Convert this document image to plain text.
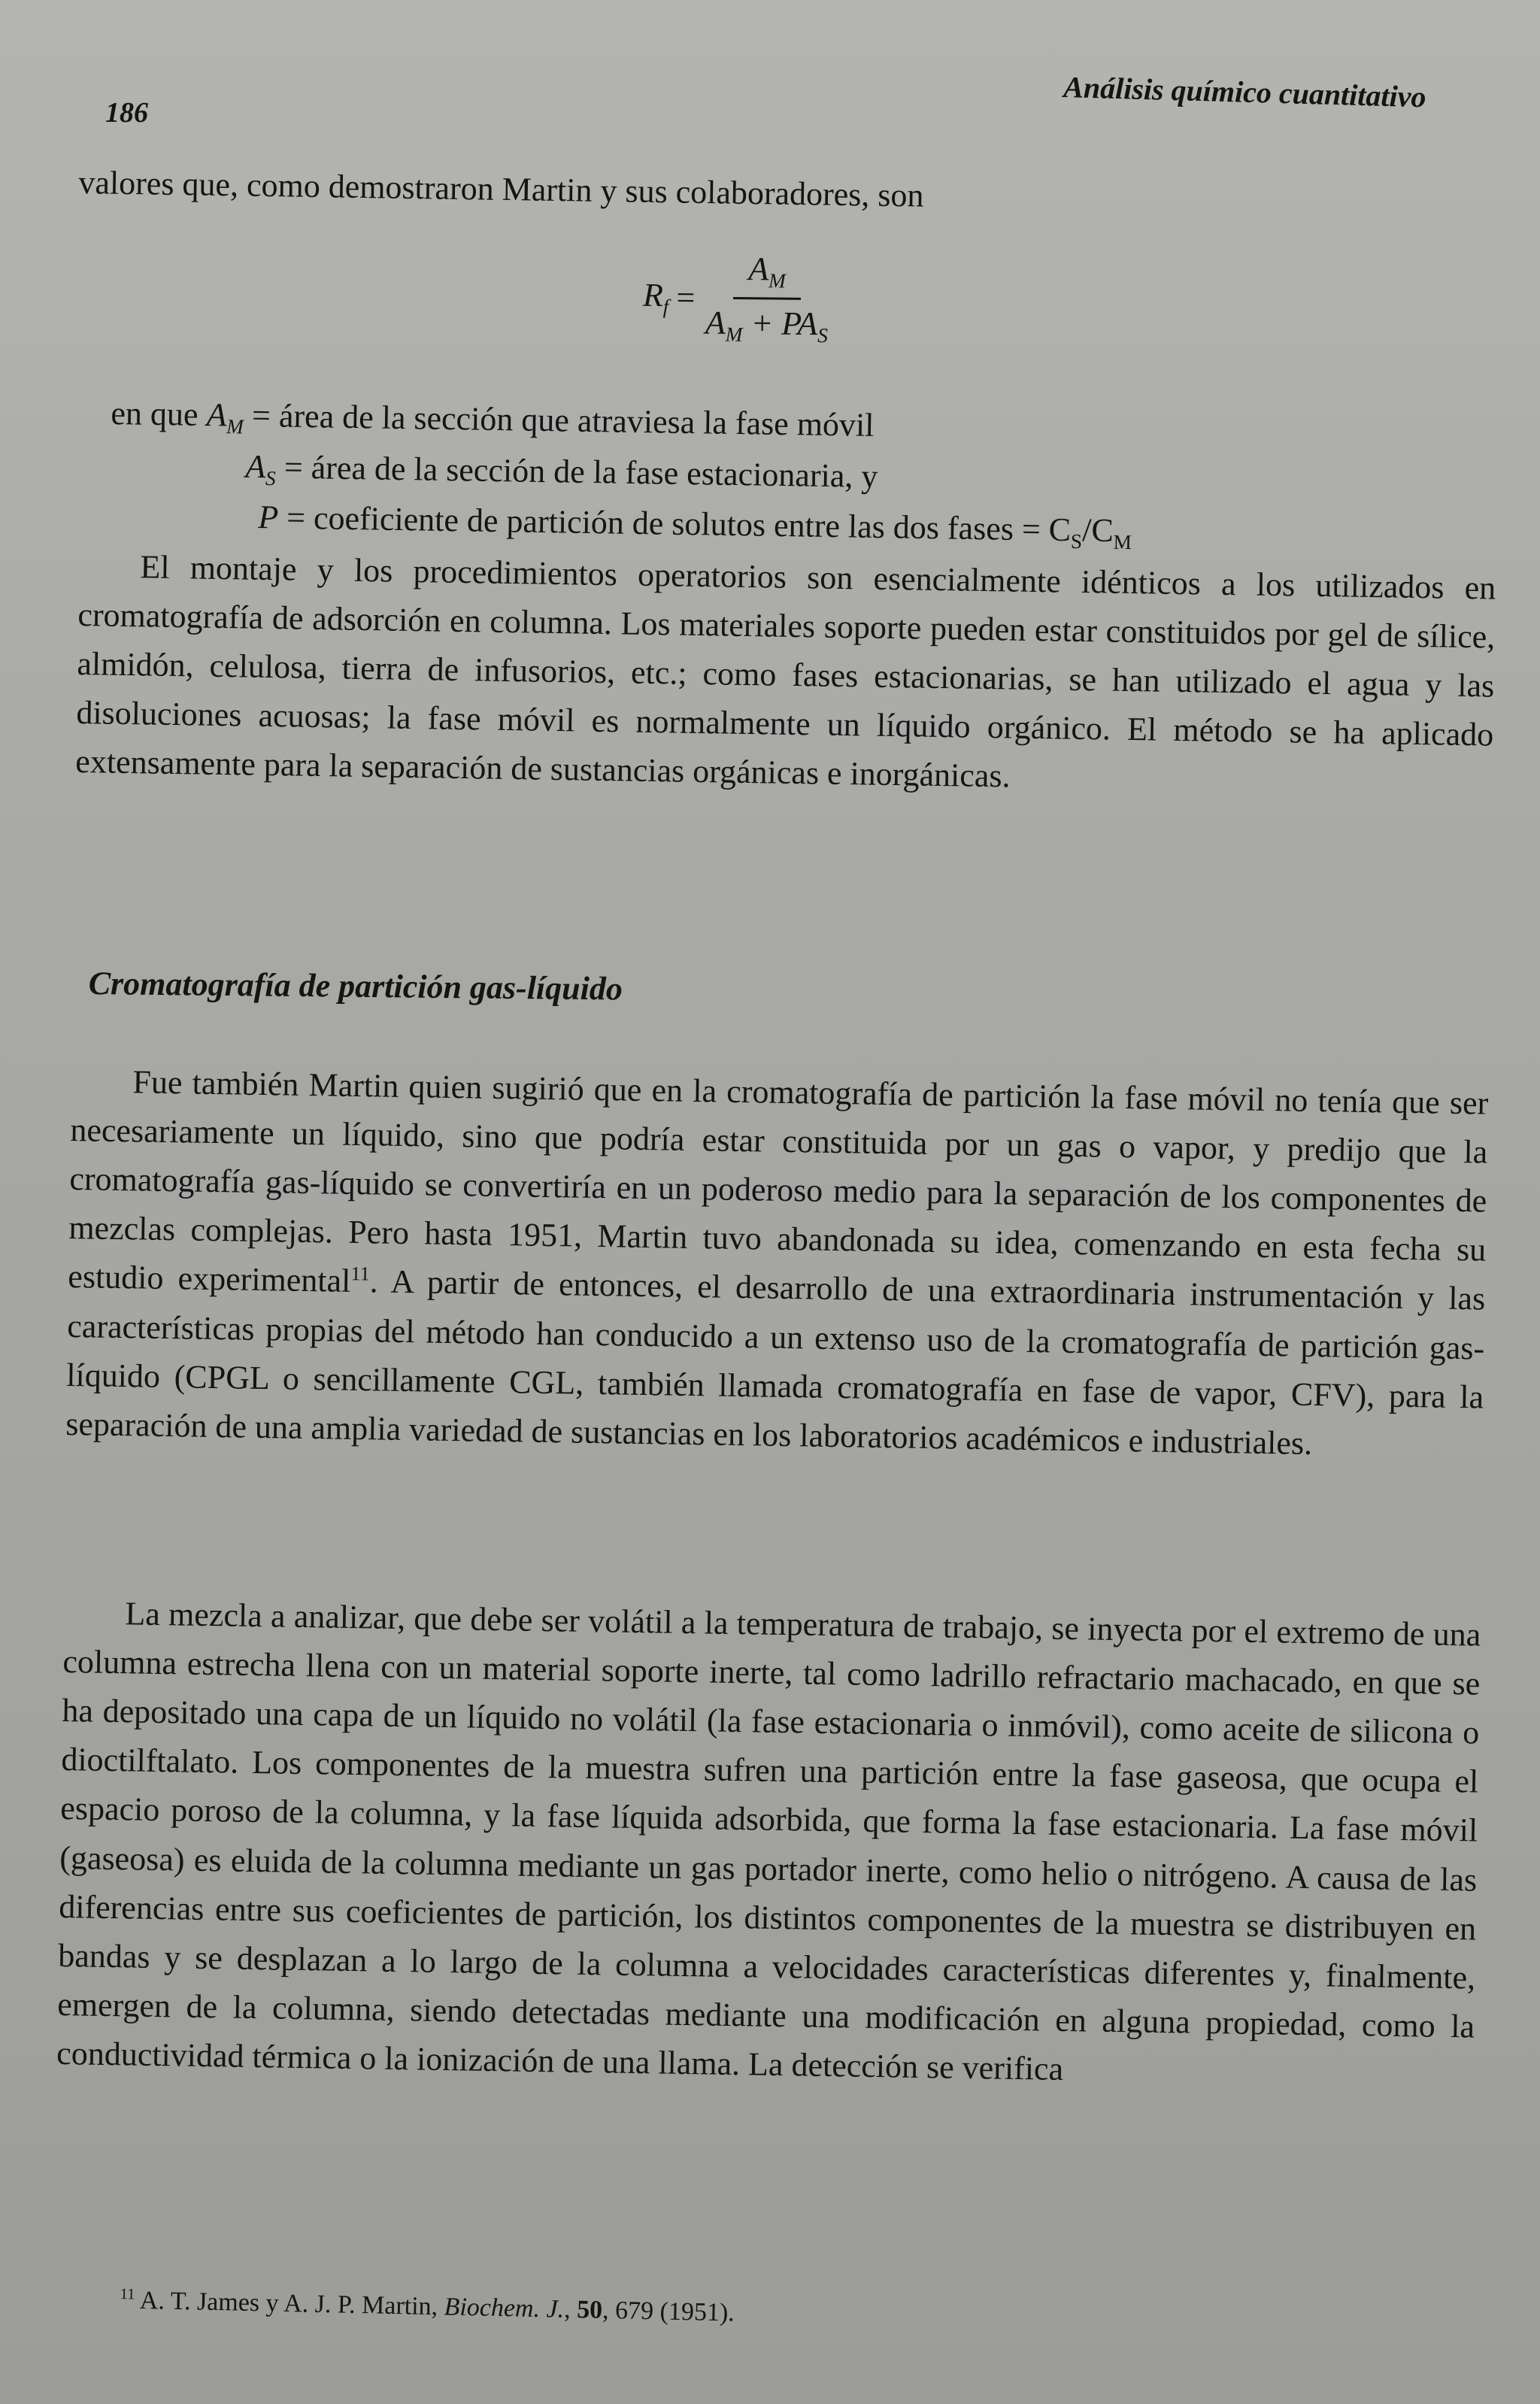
186	Análisis químico cuantitativo

valores que, como demostraron Martin y sus colaboradores, son

$R_f = \frac{A_M}{A_M + PA_S}$
en que $A_M$ = área de la sección que atraviesa la fase móvil
$A_S$ = área de la sección de la fase estacionaria, y
P = coeficiente de partición de solutos entre las dos fases = $C_S/C_M$

El montaje y los procedimientos operatorios son esencialmente idénticos a los utilizados en cromatografía de adsorción en columna. Los materiales soporte pueden estar constituidos por gel de sílice, almidón, celulosa, tierra de infusorios, etc.; como fases estacionarias, se han utilizado el agua y las disoluciones acuosas; la fase móvil es normalmente un líquido orgánico. El método se ha aplicado extensamente para la separación de sustancias orgánicas e inorgánicas.

Cromatografía de partición gas-líquido

Fue también Martin quien sugirió que en la cromatografía de partición la fase móvil no tenía que ser necesariamente un líquido, sino que podría estar constituida por un gas o vapor, y predijo que la cromatografía gas-líquido se convertiría en un poderoso medio para la separación de los componentes de mezclas complejas. Pero hasta 1951, Martin tuvo abandonada su idea, comenzando en esta fecha su estudio experimental$^{11}$. A partir de entonces, el desarrollo de una extraordinaria instrumentación y las características propias del método han conducido a un extenso uso de la cromatografía de partición gas-líquido (CPGL o sencillamente CGL, también llamada cromatografía en fase de vapor, CFV), para la separación de una amplia variedad de sustancias en los laboratorios académicos e industriales.

La mezcla a analizar, que debe ser volátil a la temperatura de trabajo, se inyecta por el extremo de una columna estrecha llena con un material soporte inerte, tal como ladrillo refractario machacado, en que se ha depositado una capa de un líquido no volátil (la fase estacionaria o inmóvil), como aceite de silicona o dioctilftalato. Los componentes de la muestra sufren una partición entre la fase gaseosa, que ocupa el espacio poroso de la columna, y la fase líquida adsorbida, que forma la fase estacionaria. La fase móvil (gaseosa) es eluida de la columna mediante un gas portador inerte, como helio o nitrógeno. A causa de las diferencias entre sus coeficientes de partición, los distintos componentes de la muestra se distribuyen en bandas y se desplazan a lo largo de la columna a velocidades características diferentes y, finalmente, emergen de la columna, siendo detectadas mediante una modificación en alguna propiedad, como la conductividad térmica o la ionización de una llama. La detección se verifica

$^{11}$ A. T. James y A. J. P. Martin, Biochem. J., 50, 679 (1951).
